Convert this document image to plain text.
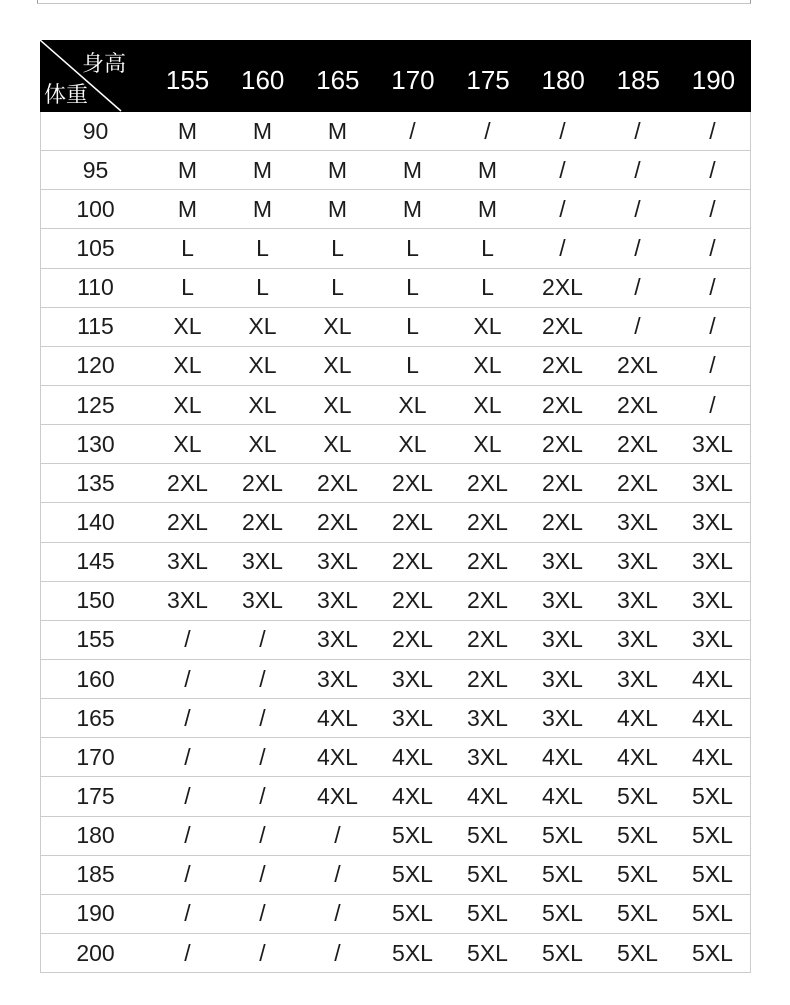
身高
体重	155	160	165	170	175	180	185	190
90	M	M	M	/	/	/	/	/
95	M	M	M	M	M	/	/	/
100	M	M	M	M	M	/	/	/
105	L	L	L	L	L	/	/	/
110	L	L	L	L	L	2XL	/	/
115	XL	XL	XL	L	XL	2XL	/	/
120	XL	XL	XL	L	XL	2XL	2XL	/
125	XL	XL	XL	XL	XL	2XL	2XL	/
130	XL	XL	XL	XL	XL	2XL	2XL	3XL
135	2XL	2XL	2XL	2XL	2XL	2XL	2XL	3XL
140	2XL	2XL	2XL	2XL	2XL	2XL	3XL	3XL
145	3XL	3XL	3XL	2XL	2XL	3XL	3XL	3XL
150	3XL	3XL	3XL	2XL	2XL	3XL	3XL	3XL
155	/	/	3XL	2XL	2XL	3XL	3XL	3XL
160	/	/	3XL	3XL	2XL	3XL	3XL	4XL
165	/	/	4XL	3XL	3XL	3XL	4XL	4XL
170	/	/	4XL	4XL	3XL	4XL	4XL	4XL
175	/	/	4XL	4XL	4XL	4XL	5XL	5XL
180	/	/	/	5XL	5XL	5XL	5XL	5XL
185	/	/	/	5XL	5XL	5XL	5XL	5XL
190	/	/	/	5XL	5XL	5XL	5XL	5XL
200	/	/	/	5XL	5XL	5XL	5XL	5XL
